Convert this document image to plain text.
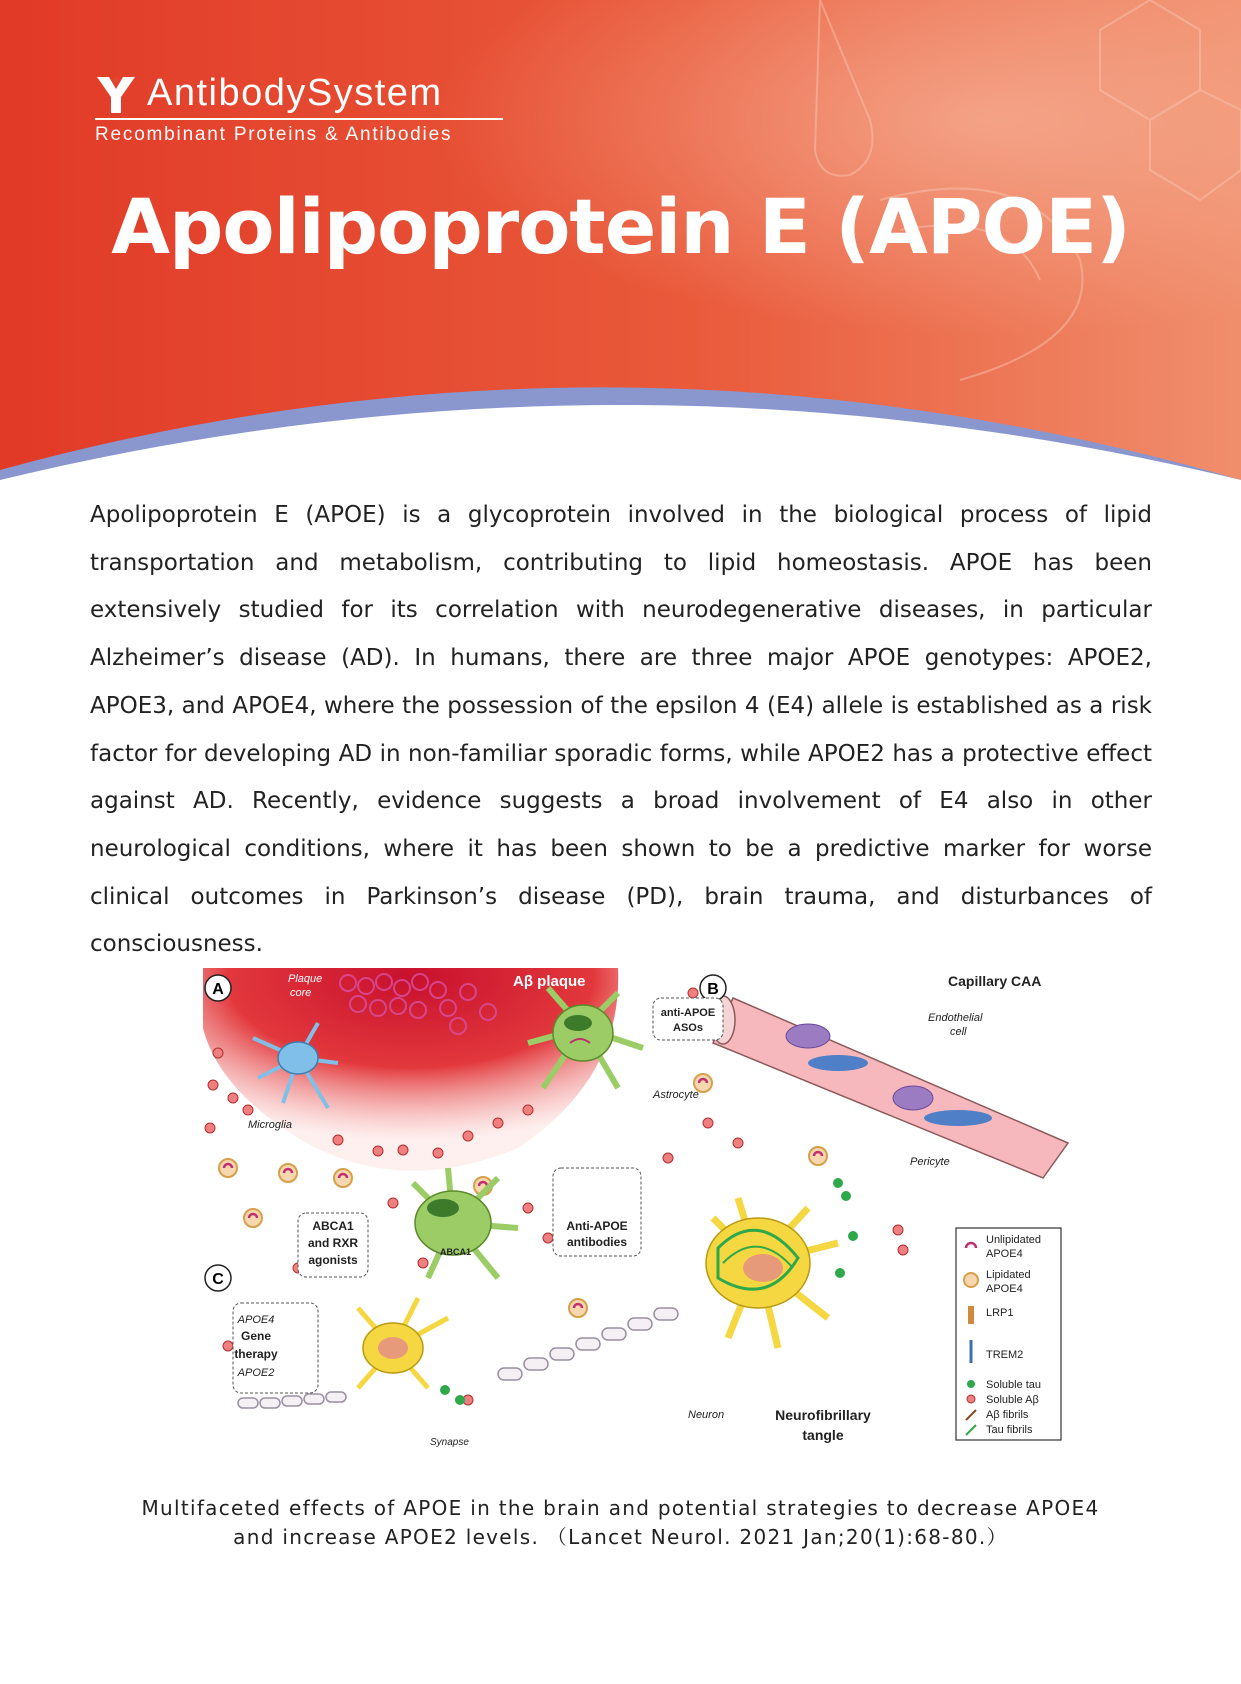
AntibodySystem
Recombinant Proteins & Antibodies
Apolipoprotein E (APOE)
Apolipoprotein E (APOE) is a glycoprotein involved in the biological process of lipid transportation and metabolism, contributing to lipid homeostasis. APOE has been extensively studied for its correlation with neurodegenerative diseases, in particular Alzheimer’s disease (AD). In humans, there are three major APOE genotypes: APOE2, APOE3, and APOE4, where the possession of the epsilon 4 (E4) allele is established as a risk factor for developing AD in non-familiar sporadic forms, while APOE2 has a protective effect against AD. Recently, evidence suggests a broad involvement of E4 also in other neurological conditions, where it has been shown to be a predictive marker for worse clinical outcomes in Parkinson’s disease (PD), brain trauma, and disturbances of consciousness.
A	B
C
Plaque
core
Aβ plaque
Microglia
Astrocyte
anti-APOE
ASOs
Capillary CAA
Endothelial
cell
Pericyte
ABCA1
and RXR
agonists
ABCA1
Anti-APOE
antibodies
APOE4
Gene
therapy
APOE2
Synapse
Neuron	Neurofibrillary
tangle
Unlipidated
APOE4
Lipidated
APOE4
LRP1
TREM2
Soluble tau
Soluble Aβ
Aβ fibrils
Tau fibrils
Multifaceted effects of APOE in the brain and potential strategies to decrease APOE4
and increase APOE2 levels. （Lancet Neurol. 2021 Jan;20(1):68-80.）
